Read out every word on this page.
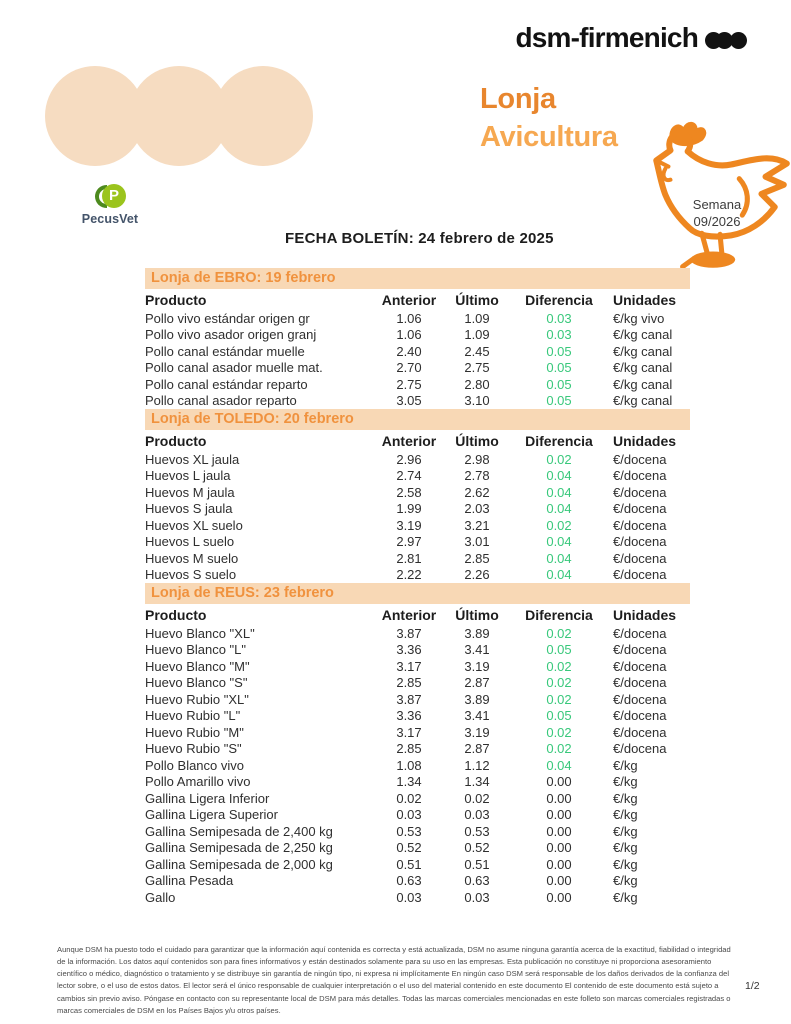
dsm-firmenich
Lonja
Avicultura
Semana
09/2026
P
PecusVet
FECHA BOLETÍN: 24 febrero de 2025
Lonja de EBRO: 19 febrero
Producto	Anterior	Último	Diferencia	Unidades
Pollo vivo estándar origen gr	1.06	1.09	0.03	€/kg vivo
Pollo vivo asador origen granj	1.06	1.09	0.03	€/kg canal
Pollo canal estándar muelle	2.40	2.45	0.05	€/kg canal
Pollo canal asador muelle mat.	2.70	2.75	0.05	€/kg canal
Pollo canal estándar reparto	2.75	2.80	0.05	€/kg canal
Pollo canal asador reparto	3.05	3.10	0.05	€/kg canal
Lonja de TOLEDO: 20 febrero
Producto	Anterior	Último	Diferencia	Unidades
Huevos XL jaula	2.96	2.98	0.02	€/docena
Huevos L jaula	2.74	2.78	0.04	€/docena
Huevos M jaula	2.58	2.62	0.04	€/docena
Huevos S jaula	1.99	2.03	0.04	€/docena
Huevos XL suelo	3.19	3.21	0.02	€/docena
Huevos L suelo	2.97	3.01	0.04	€/docena
Huevos M suelo	2.81	2.85	0.04	€/docena
Huevos S suelo	2.22	2.26	0.04	€/docena
Lonja de REUS: 23 febrero
Producto	Anterior	Último	Diferencia	Unidades
Huevo Blanco "XL"	3.87	3.89	0.02	€/docena
Huevo Blanco "L"	3.36	3.41	0.05	€/docena
Huevo Blanco "M"	3.17	3.19	0.02	€/docena
Huevo Blanco "S"	2.85	2.87	0.02	€/docena
Huevo Rubio "XL"	3.87	3.89	0.02	€/docena
Huevo Rubio "L"	3.36	3.41	0.05	€/docena
Huevo Rubio "M"	3.17	3.19	0.02	€/docena
Huevo Rubio "S"	2.85	2.87	0.02	€/docena
Pollo Blanco vivo	1.08	1.12	0.04	€/kg
Pollo Amarillo vivo	1.34	1.34	0.00	€/kg
Gallina Ligera Inferior	0.02	0.02	0.00	€/kg
Gallina Ligera Superior	0.03	0.03	0.00	€/kg
Gallina Semipesada de 2,400 kg	0.53	0.53	0.00	€/kg
Gallina Semipesada de 2,250 kg	0.52	0.52	0.00	€/kg
Gallina Semipesada de 2,000 kg	0.51	0.51	0.00	€/kg
Gallina Pesada	0.63	0.63	0.00	€/kg
Gallo	0.03	0.03	0.00	€/kg

Aunque DSM ha puesto todo el cuidado para garantizar que la información aquí contenida es correcta y está actualizada, DSM no asume ninguna garantía acerca de la exactitud, fiabilidad o integridad de la información. Los datos aquí contenidos son para fines informativos y están destinados solamente para su uso en las empresas. Esta publicación no constituye ni proporciona asesoramiento científico o médico, diagnóstico o tratamiento y se distribuye sin garantía de ningún tipo, ni expresa ni implícitamente En ningún caso DSM será responsable de los daños derivados de la confianza del lector sobre, o el uso de estos datos. El lector será el único responsable de cualquier interpretación o el uso del material contenido en este documento El contenido de este documento está sujeto a cambios sin previo aviso. Póngase en contacto con su representante local de DSM para más detalles. Todas las marcas comerciales mencionadas en este folleto son marcas comerciales registradas o marcas comerciales de DSM en los Países Bajos y/u otros países.

1/2
